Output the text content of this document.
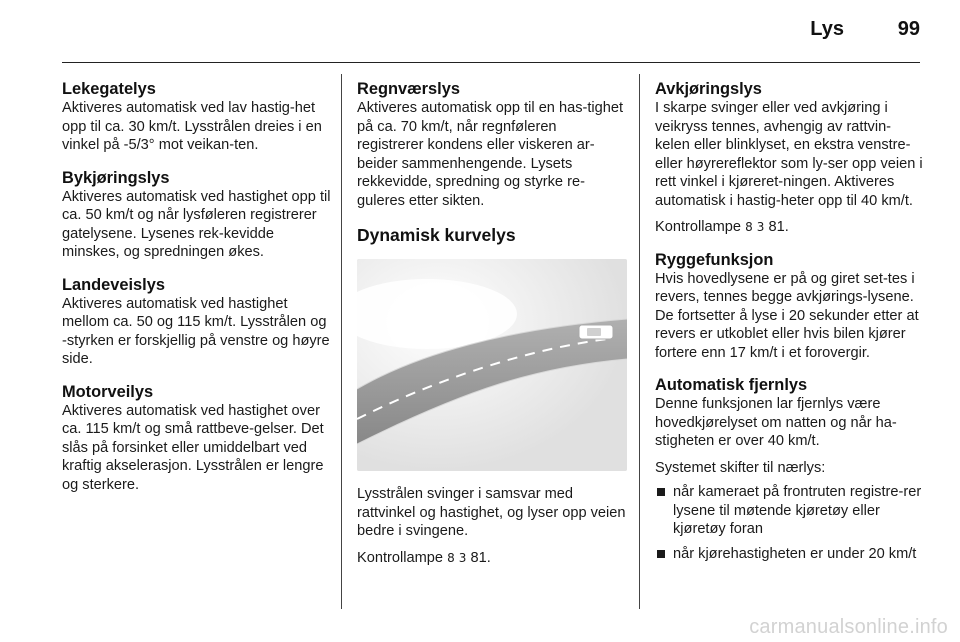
Lys	99

Lekegatelys

Aktiveres automatisk ved lav hastig-het opp til ca. 30 km/t. Lysstrålen dreies i en vinkel på -5/3° mot veikan-ten.

Bykjøringslys

Aktiveres automatisk ved hastighet opp til ca. 50 km/t og når lysføleren registrerer gatelysene. Lysenes rek-kevidde minskes, og spredningen økes.

Landeveislys

Aktiveres automatisk ved hastighet mellom ca. 50 og 115 km/t. Lysstrålen og -styrken er forskjellig på venstre og høyre side.

Motorveilys

Aktiveres automatisk ved hastighet over ca. 115 km/t og små rattbeve-gelser. Det slås på forsinket eller umiddelbart ved kraftig akselerasjon. Lysstrålen er lengre og sterkere.

Regnværslys

Aktiveres automatisk opp til en has-tighet på ca. 70 km/t, når regnføleren registrerer kondens eller viskeren ar-beider sammenhengende. Lysets rekkevidde, spredning og styrke re-guleres etter sikten.

Dynamisk kurvelys

Lysstrålen svinger i samsvar med rattvinkel og hastighet, og lyser opp veien bedre i svingene.

Kontrollampe 8 3 81.

Avkjøringslys

I skarpe svinger eller ved avkjøring i veikryss tennes, avhengig av rattvin-kelen eller blinklyset, en ekstra venstre- eller høyrereflektor som ly-ser opp veien i rett vinkel i kjøreret-ningen. Aktiveres automatisk i hastig-heter opp til 40 km/t.

Kontrollampe 8 3 81.

Ryggefunksjon

Hvis hovedlysene er på og giret set-tes i revers, tennes begge avkjørings-lysene. De fortsetter å lyse i 20 sekunder etter at revers er utkoblet eller hvis bilen kjører fortere enn 17 km/t i et forovergir.

Automatisk fjernlys

Denne funksjonen lar fjernlys være hovedkjørelyset om natten og når ha-stigheten er over 40 km/t.

Systemet skifter til nærlys:

når kameraet på frontruten registre-rer lysene til møtende kjøretøy eller kjøretøy foran
når kjørehastigheten er under 20 km/t
carmanualsonline.info
